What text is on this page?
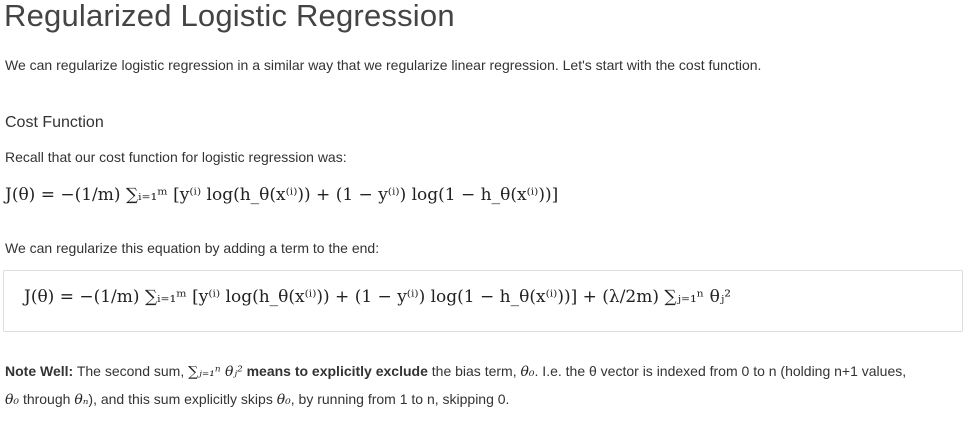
Regularized Logistic Regression
We can regularize logistic regression in a similar way that we regularize linear regression. Let's start with the cost function.
Cost Function
Recall that our cost function for logistic regression was:
J(θ) = −(1/m) ∑ᵢ₌₁ᵐ [y⁽ⁱ⁾ log(h_θ(x⁽ⁱ⁾)) + (1 − y⁽ⁱ⁾) log(1 − h_θ(x⁽ⁱ⁾))]
We can regularize this equation by adding a term to the end:
J(θ) = −(1/m) ∑ᵢ₌₁ᵐ [y⁽ⁱ⁾ log(h_θ(x⁽ⁱ⁾)) + (1 − y⁽ⁱ⁾) log(1 − h_θ(x⁽ⁱ⁾))] + (λ/2m) ∑ⱼ₌₁ⁿ θⱼ²
Note Well: The second sum, ∑ⱼ₌₁ⁿ θⱼ² means to explicitly exclude the bias term, θ₀. I.e. the θ vector is indexed from 0 to n (holding n+1 values,
θ₀ through θₙ), and this sum explicitly skips θ₀, by running from 1 to n, skipping 0.
